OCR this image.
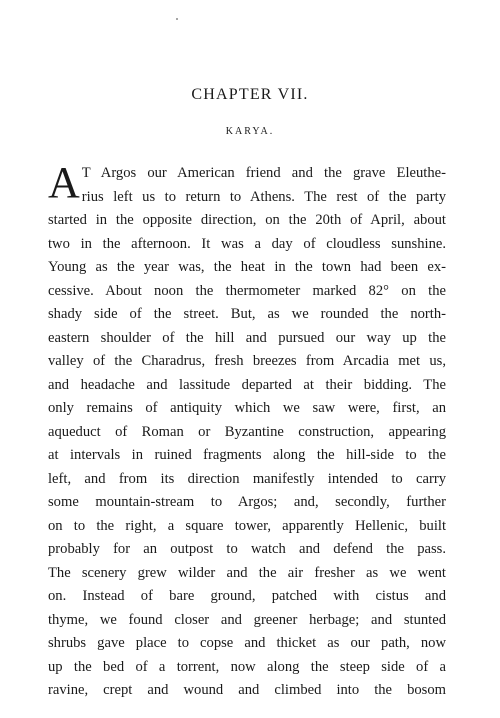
CHAPTER VII.
KARYA.
A T Argos our American friend and the grave Eleuthe-
rius left us to return to Athens. The rest of the party
started in the opposite direction, on the 20th of April, about
two in the afternoon. It was a day of cloudless sunshine.
Young as the year was, the heat in the town had been ex-
cessive. About noon the thermometer marked 82° on the
shady side of the street. But, as we rounded the north-
eastern shoulder of the hill and pursued our way up the
valley of the Charadrus, fresh breezes from Arcadia met us,
and headache and lassitude departed at their bidding. The
only remains of antiquity which we saw were, first, an
aqueduct of Roman or Byzantine construction, appearing
at intervals in ruined fragments along the hill-side to the
left, and from its direction manifestly intended to carry
some mountain-stream to Argos; and, secondly, further
on to the right, a square tower, apparently Hellenic, built
probably for an outpost to watch and defend the pass.
The scenery grew wilder and the air fresher as we went
on. Instead of bare ground, patched with cistus and
thyme, we found closer and greener herbage; and stunted
shrubs gave place to copse and thicket as our path, now
up the bed of a torrent, now along the steep side of a
ravine, crept and wound and climbed into the bosom
